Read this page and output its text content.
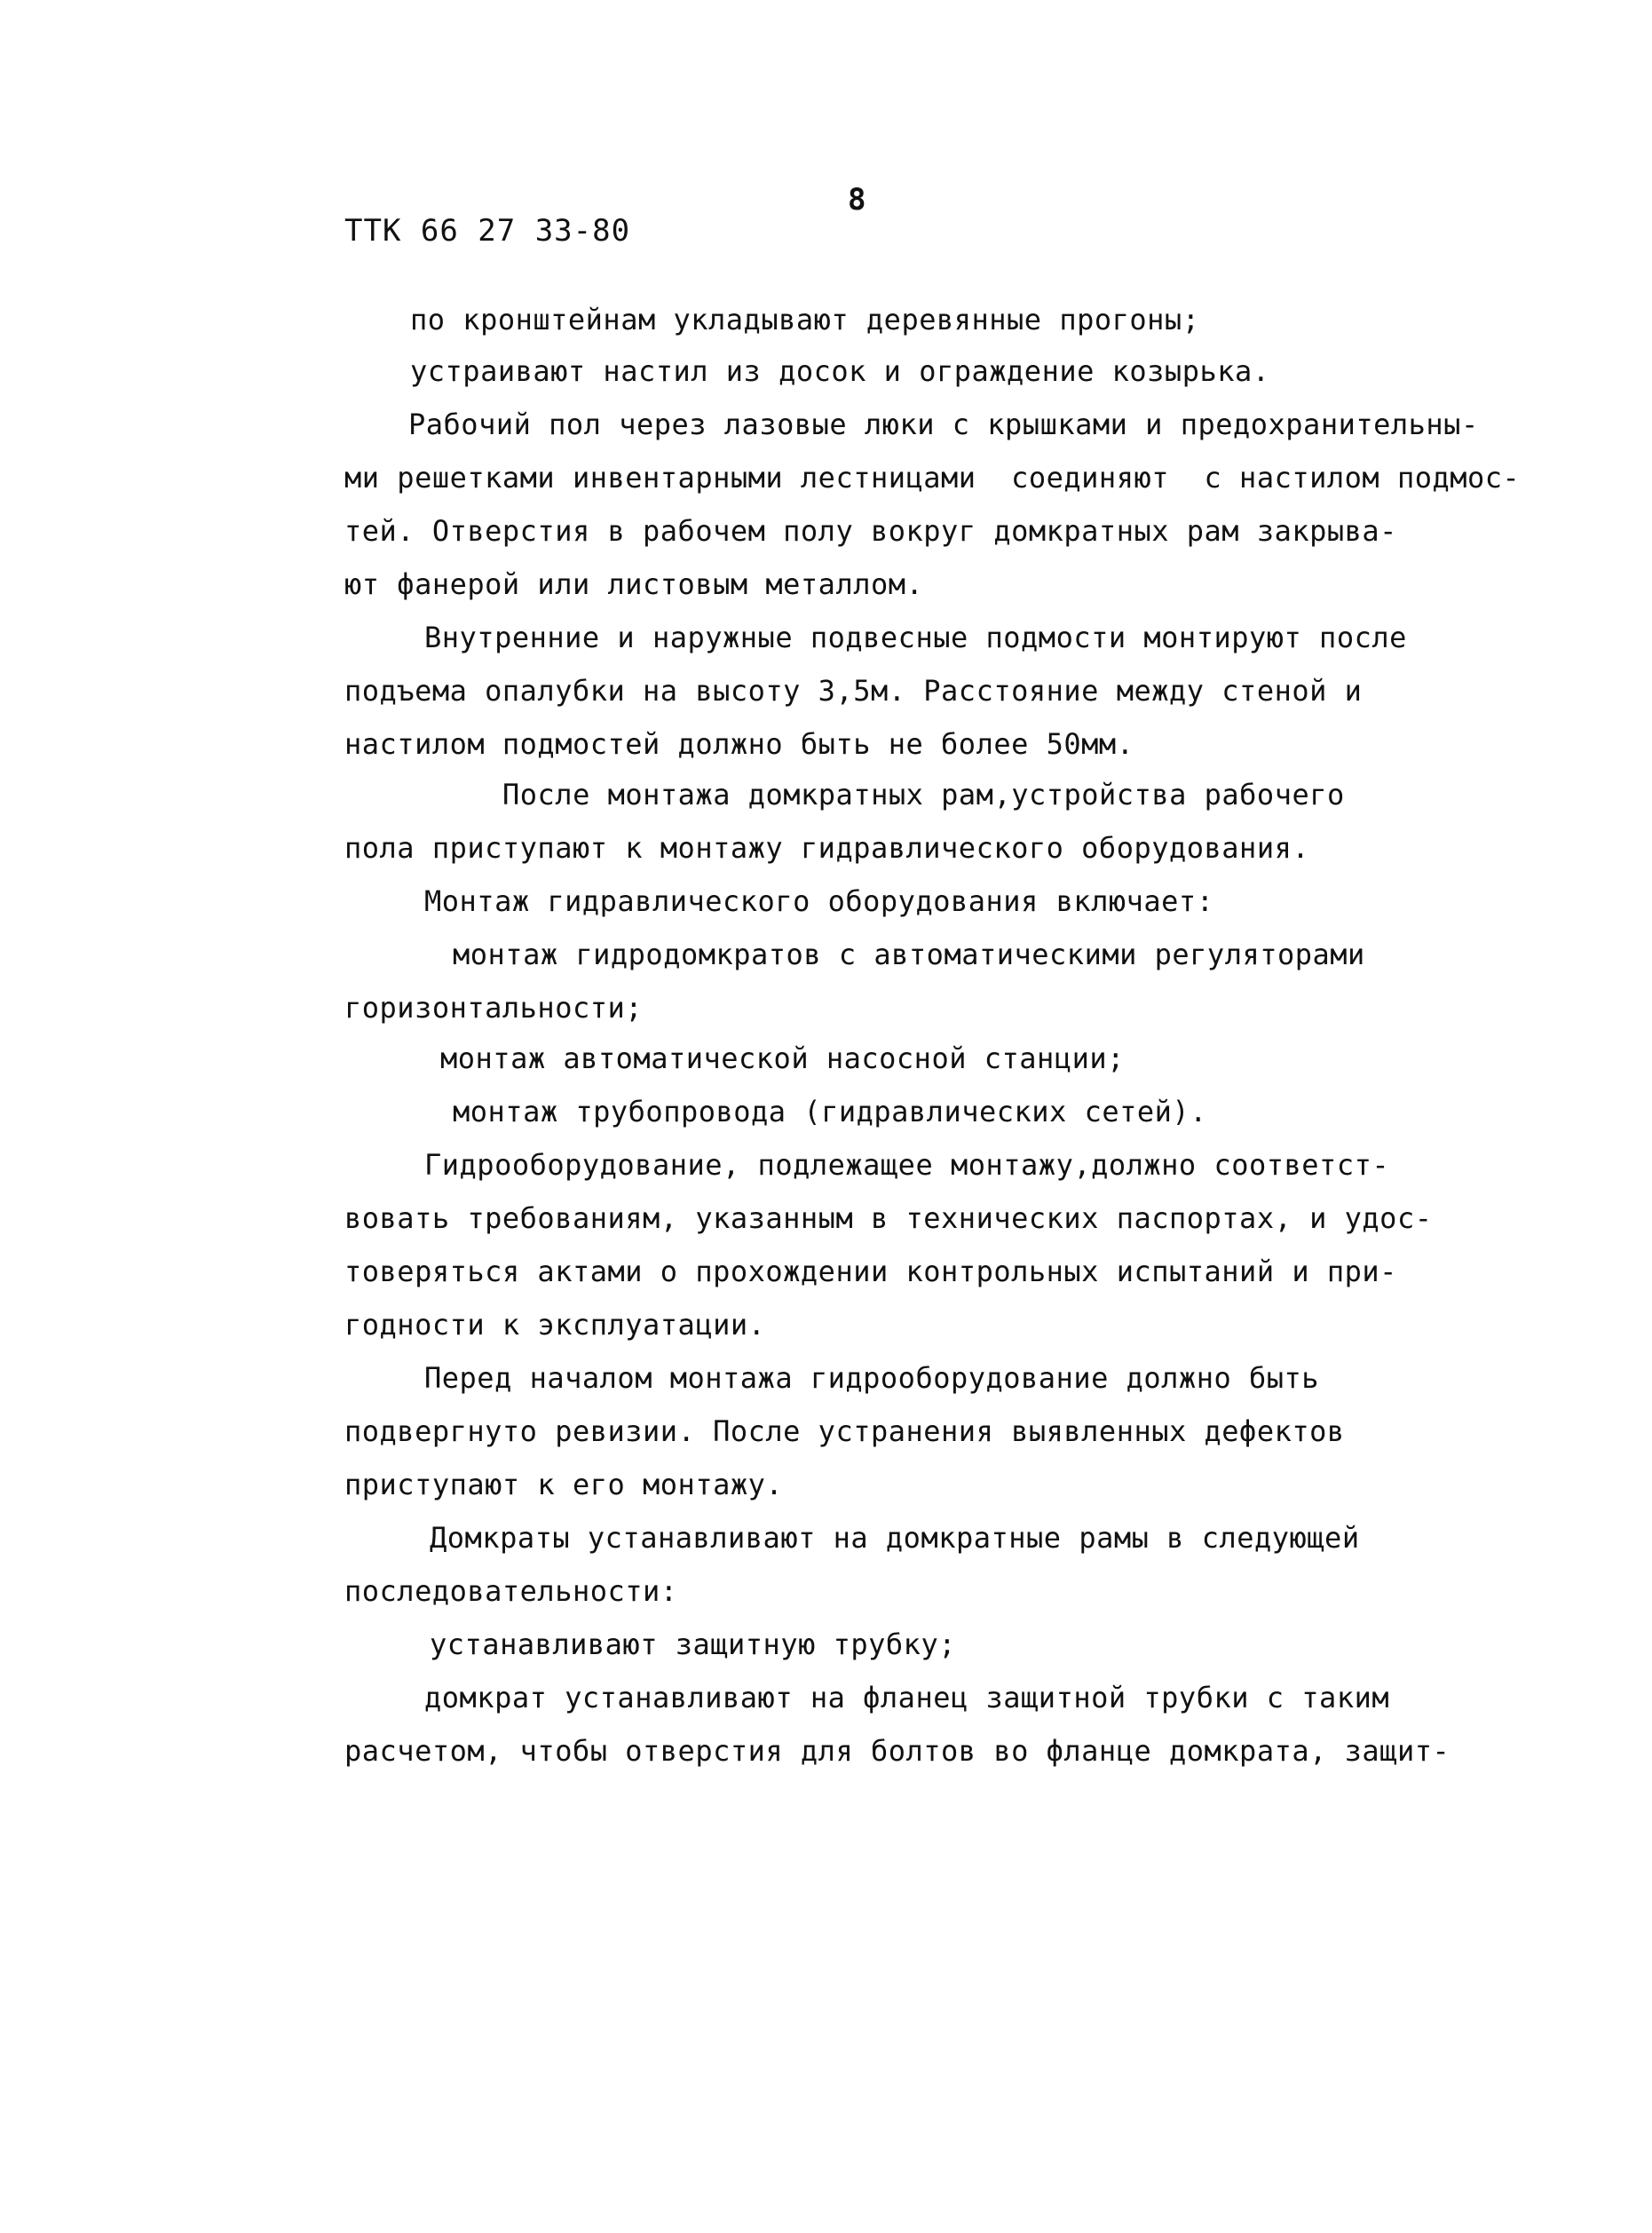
8
ТТК 66 27 33-80
по кронштейнам укладывают деревянные прогоны;
устраивают настил из досок и ограждение козырька.
Рабочий пол через лазовые люки с крышками и предохранительны-
ми решетками инвентарными лестницами  соединяют  с настилом подмос-
тей. Отверстия в рабочем полу вокруг домкратных рам закрыва-
ют фанерой или листовым металлом.
Внутренние и наружные подвесные подмости монтируют после
подъема опалубки на высоту 3,5м. Расстояние между стеной и
настилом подмостей должно быть не более 50мм.
После монтажа домкратных рам,устройства рабочего
пола приступают к монтажу гидравлического оборудования.
Монтаж гидравлического оборудования включает:
монтаж гидродомкратов с автоматическими регуляторами
горизонтальности;
монтаж автоматической насосной станции;
монтаж трубопровода (гидравлических сетей).
Гидрооборудование, подлежащее монтажу,должно соответст-
вовать требованиям, указанным в технических паспортах, и удос-
товеряться актами о прохождении контрольных испытаний и при-
годности к эксплуатации.
Перед началом монтажа гидрооборудование должно быть
подвергнуто ревизии. После устранения выявленных дефектов
приступают к его монтажу.
Домкраты устанавливают на домкратные рамы в следующей
последовательности:
устанавливают защитную трубку;
домкрат устанавливают на фланец защитной трубки с таким
расчетом, чтобы отверстия для болтов во фланце домкрата, защит-
